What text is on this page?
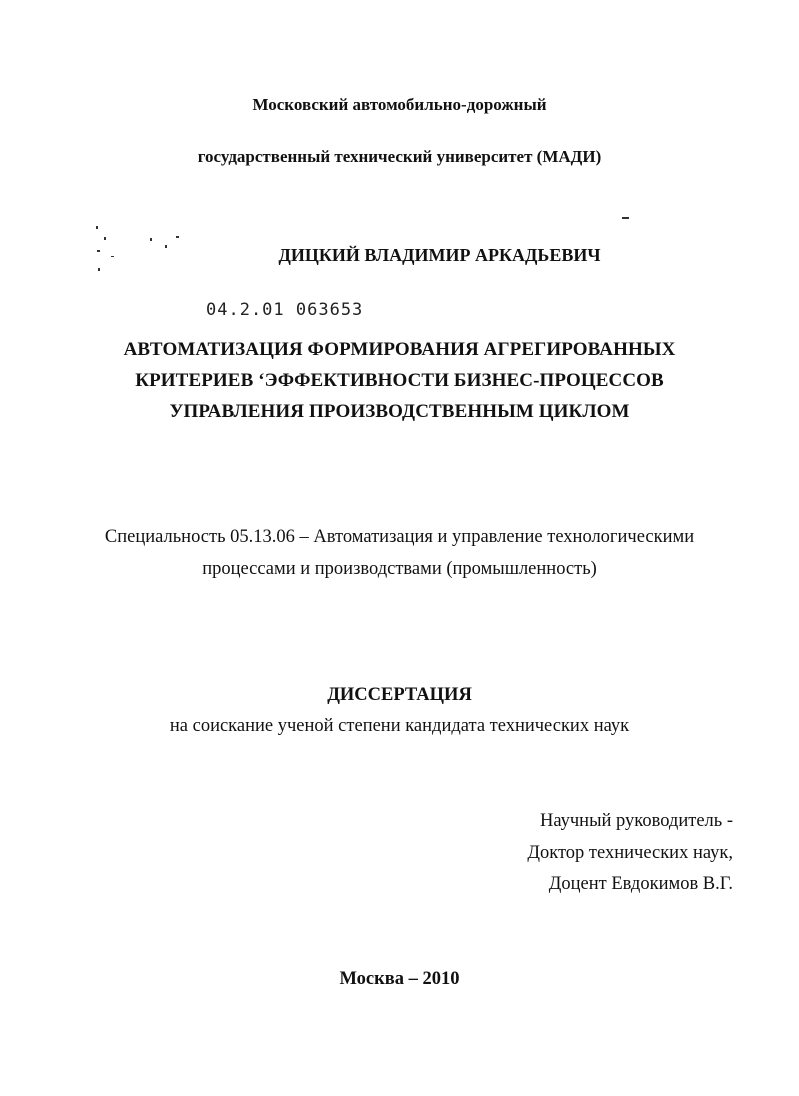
Московский автомобильно-дорожный
государственный технический университет (МАДИ)
ДИЦКИЙ ВЛАДИМИР АРКАДЬЕВИЧ
04.2.01 063653
АВТОМАТИЗАЦИЯ ФОРМИРОВАНИЯ АГРЕГИРОВАННЫХ
КРИТЕРИЕВ ‘ЭФФЕКТИВНОСТИ БИЗНЕС-ПРОЦЕССОВ
УПРАВЛЕНИЯ ПРОИЗВОДСТВЕННЫМ ЦИКЛОМ
Специальность 05.13.06 – Автоматизация и управление технологическими
процессами и производствами (промышленность)
ДИССЕРТАЦИЯ
на соискание ученой степени кандидата технических наук
Научный руководитель -
Доктор технических наук,
Доцент Евдокимов В.Г.
Москва – 2010
